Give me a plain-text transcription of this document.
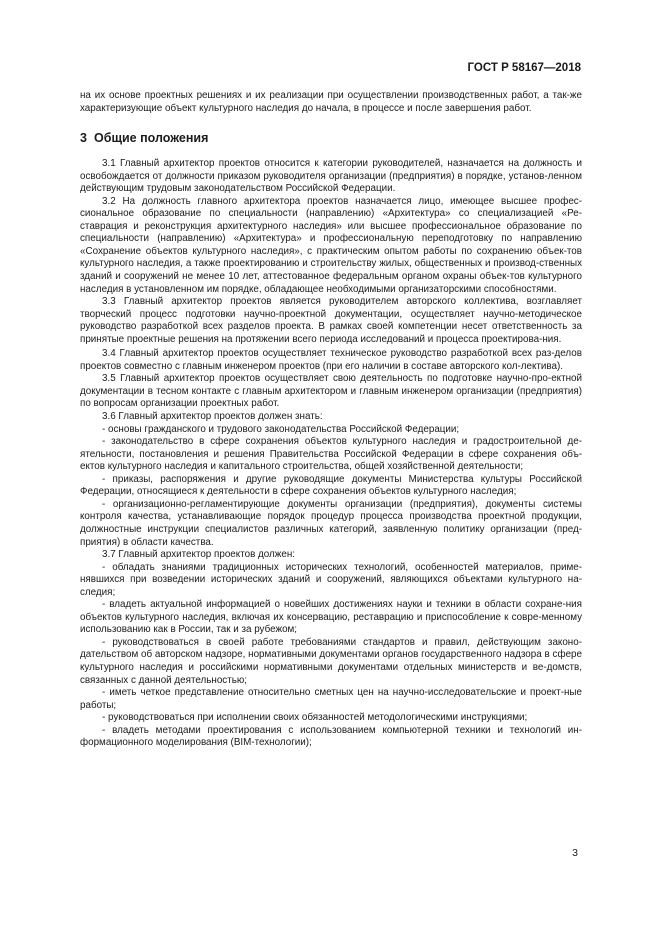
ГОСТ Р 58167—2018

на их основе проектных решениях и их реализации при осуществлении производственных работ, а так-же характеризующие объект культурного наследия до начала, в процессе и после завершения работ.

3 Общие положения

3.1 Главный архитектор проектов относится к категории руководителей, назначается на должность и освобождается от должности приказом руководителя организации (предприятия) в порядке, установ-ленном действующим трудовым законодательством Российской Федерации.

3.2 На должность главного архитектора проектов назначается лицо, имеющее высшее профес-сиональное образование по специальности (направлению) «Архитектура» со специализацией «Ре-ставрация и реконструкция архитектурного наследия» или высшее профессиональное образование по специальности (направлению) «Архитектура» и профессиональную переподготовку по направлению «Сохранение объектов культурного наследия», с практическим опытом работы по сохранению объек-тов культурного наследия, а также проектированию и строительству жилых, общественных и производ-ственных зданий и сооружений не менее 10 лет, аттестованное федеральным органом охраны объек-тов культурного наследия в установленном им порядке, обладающее необходимыми организаторскими способностями.

3.3 Главный архитектор проектов является руководителем авторского коллектива, возглавляет творческий процесс подготовки научно-проектной документации, осуществляет научно-методическое руководство разработкой всех разделов проекта. В рамках своей компетенции несет ответственность за принятые проектные решения на протяжении всего периода исследований и процесса проектирова-ния.

3.4 Главный архитектор проектов осуществляет техническое руководство разработкой всех раз-делов проектов совместно с главным инженером проектов (при его наличии в составе авторского кол-лектива).

3.5 Главный архитектор проектов осуществляет свою деятельность по подготовке научно-про-ектной документации в тесном контакте с главным архитектором и главным инженером организации (предприятия) по вопросам организации проектных работ.

3.6 Главный архитектор проектов должен знать:

- основы гражданского и трудового законодательства Российской Федерации;

- законодательство в сфере сохранения объектов культурного наследия и градостроительной де-ятельности, постановления и решения Правительства Российской Федерации в сфере сохранения объ-ектов культурного наследия и капитального строительства, общей хозяйственной деятельности;

- приказы, распоряжения и другие руководящие документы Министерства культуры Российской Федерации, относящиеся к деятельности в сфере сохранения объектов культурного наследия;

- организационно-регламентирующие документы организации (предприятия), документы системы контроля качества, устанавливающие порядок процедур процесса производства проектной продукции, должностные инструкции специалистов различных категорий, заявленную политику организации (пред-приятия) в области качества.

3.7 Главный архитектор проектов должен:

- обладать знаниями традиционных исторических технологий, особенностей материалов, приме-нявшихся при возведении исторических зданий и сооружений, являющихся объектами культурного на-следия;

- владеть актуальной информацией о новейших достижениях науки и техники в области сохране-ния объектов культурного наследия, включая их консервацию, реставрацию и приспособление к совре-менному использованию как в России, так и за рубежом;

- руководствоваться в своей работе требованиями стандартов и правил, действующим законо-дательством об авторском надзоре, нормативными документами органов государственного надзора в сфере культурного наследия и российскими нормативными документами отдельных министерств и ве-домств, связанных с данной деятельностью;

- иметь четкое представление относительно сметных цен на научно-исследовательские и проект-ные работы;

- руководствоваться при исполнении своих обязанностей методологическими инструкциями;

- владеть методами проектирования с использованием компьютерной техники и технологий ин-формационного моделирования (BIM-технологии);

3
